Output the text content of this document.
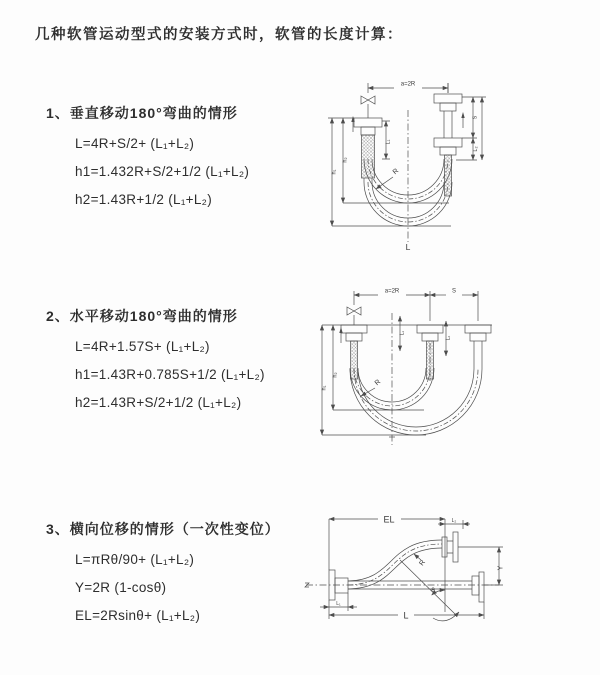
几种软管运动型式的安装方式时，软管的长度计算：
1、垂直移动180°弯曲的情形
L=4R+S/2+ (L₁+L₂)
h1=1.432R+S/2+1/2 (L₁+L₂)
h2=1.43R+1/2 (L₁+L₂)
2、水平移动180°弯曲的情形
L=4R+1.57S+ (L₁+L₂)
h1=1.43R+0.785S+1/2 (L₁+L₂)
h2=1.43R+S/2+1/2 (L₁+L₂)
3、横向位移的情形（一次性变位）
L=πRθ/90+ (L₁+L₂)
Y=2R (1-cosθ)
EL=2Rsinθ+ (L₁+L₂)
a=2R
L₁
S
L₂
h₁
h₂
R
L
a=2R	S
L₁
L₂
h₁
h₂
R
EL	L₂
Y
R
θ
L₁
L
